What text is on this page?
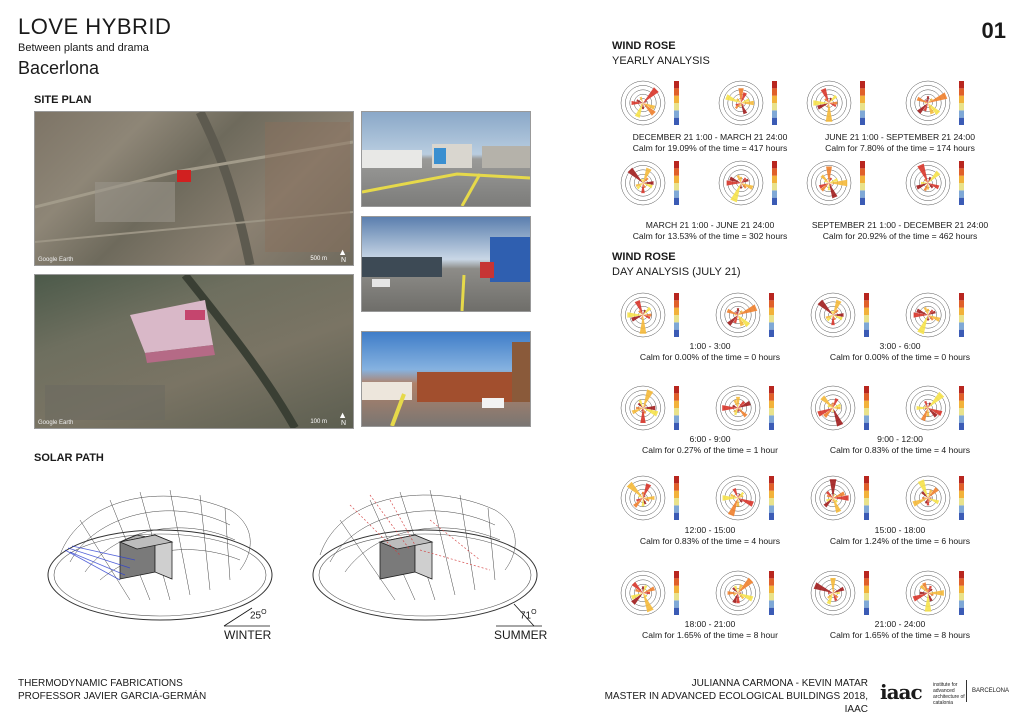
LOVE HYBRID
Between plants and drama
Bacerlona
01
SITE PLAN
Google Earth	500 m
▲
N
Google Earth	100 m
▲
N
SOLAR PATH
$25^O$
WINTER
$71^O$
SUMMER
WIND ROSE
YEARLY ANALYSIS
WIND ROSE
DAY ANALYSIS (JULY 21)
DECEMBER 21 1:00 - MARCH 21 24:00
Calm for 19.09% of the time = 417 hours
JUNE 21 1:00 - SEPTEMBER 21 24:00
Calm for 7.80% of the time = 174 hours
MARCH 21 1:00 - JUNE 21 24:00
Calm for 13.53% of the time = 302 hours
SEPTEMBER 21 1:00 - DECEMBER 21 24:00
Calm for 20.92% of the time = 462 hours
1:00 - 3:00
Calm for 0.00% of the time = 0 hours
3:00 - 6:00
Calm for 0.00% of the time = 0 hours
6:00 - 9:00
Calm for 0.27% of the time = 1 hour
9:00 - 12:00
Calm for 0.83% of the time = 4 hours
12:00 - 15:00
Calm for 0.83% of the time = 4 hours
15:00 - 18:00
Calm for 1.24% of the time = 6 hours
18:00 - 21:00
Calm for 1.65% of the time = 8 hour
21:00 - 24:00
Calm for 1.65% of the time = 8 hours
THERMODYNAMIC FABRICATIONS
PROFESSOR JAVIER GARCIA-GERMÁN
JULIANNA CARMONA - KEVIN MATAR
MASTER IN ADVANCED ECOLOGICAL BUILDINGS 2018, IAAC
iaac institute for advanced architecture of catalonia
BARCELONA
